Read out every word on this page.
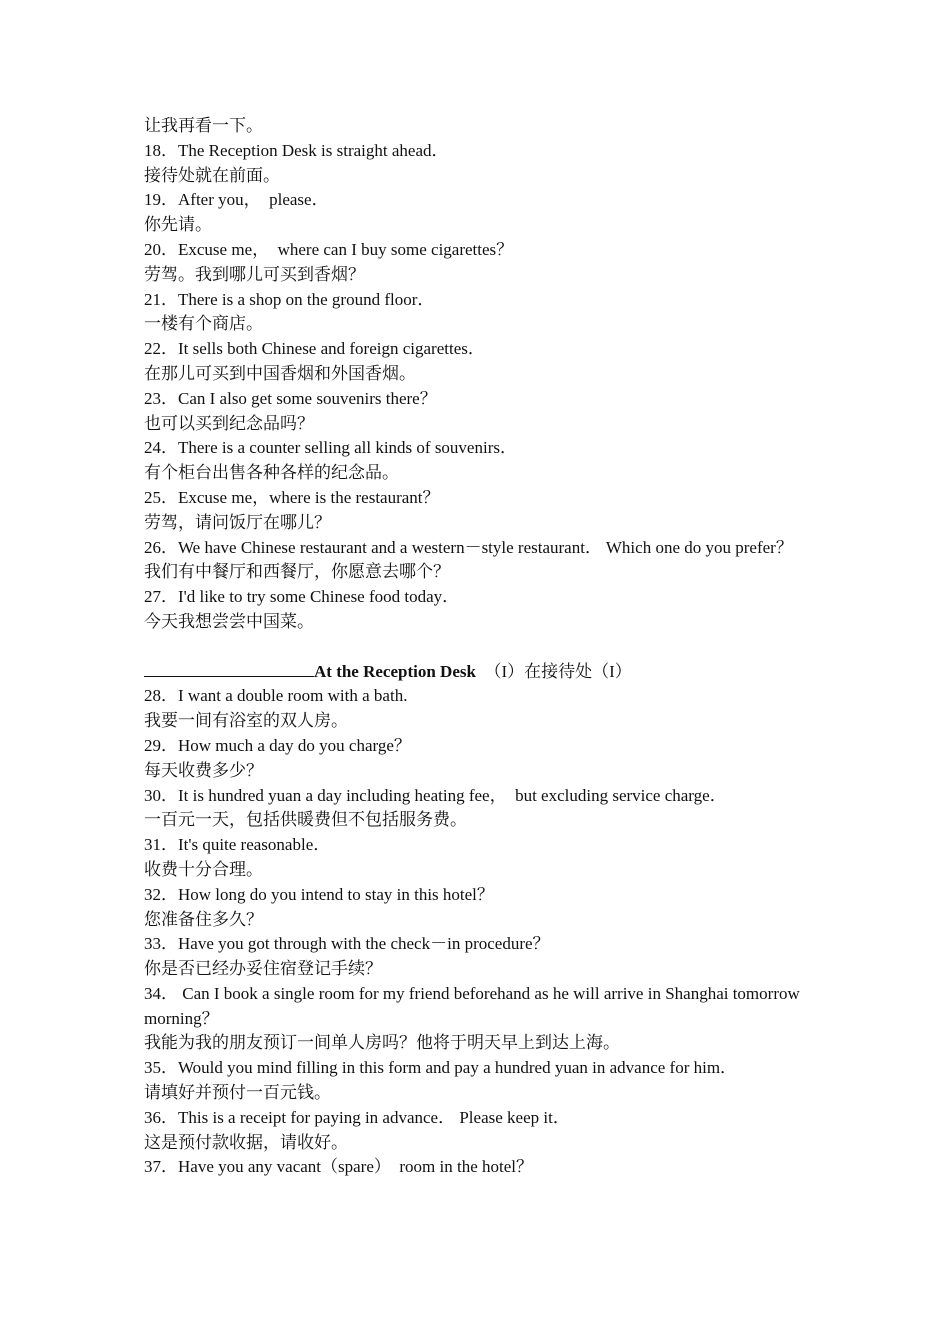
让我再看一下。

18．The Reception Desk is straight ahead．

接待处就在前面。

19．After you，  please．

你先请。

20．Excuse me，  where can I buy some cigarettes？

劳驾。我到哪儿可买到香烟？

21．There is a shop on the ground floor．

一楼有个商店。

22．It sells both Chinese and foreign cigarettes．

在那儿可买到中国香烟和外国香烟。

23．Can I also get some souvenirs there？

也可以买到纪念品吗？

24．There is a counter selling all kinds of souvenirs．

有个柜台出售各种各样的纪念品。

25．Excuse me，where is the restaurant？

劳驾，请问饭厅在哪儿？

26．We have Chinese restaurant and a western－style restaurant． Which one do you prefer？

我们有中餐厅和西餐厅，你愿意去哪个？

27．I'd like to try some Chinese food today．

今天我想尝尝中国菜。

At the Reception Desk （I）在接待处（I）

28．I want a double room with a bath.

我要一间有浴室的双人房。

29．How much a day do you charge？

每天收费多少？

30．It is hundred yuan a day including heating fee，  but excluding service charge．

一百元一天，包括供暖费但不包括服务费。

31．It's quite reasonable．

收费十分合理。

32．How long do you intend to stay in this hotel？

您准备住多久？

33．Have you got through with the check－in procedure？

你是否已经办妥住宿登记手续？

34． Can I book a single room for my friend beforehand as he will arrive in Shanghai tomorrow morning？

我能为我的朋友预订一间单人房吗？他将于明天早上到达上海。

35．Would you mind filling in this form and pay a hundred yuan in advance for him．

请填好并预付一百元钱。

36．This is a receipt for paying in advance． Please keep it．

这是预付款收据，请收好。

37．Have you any vacant（spare）  room in the hotel？
